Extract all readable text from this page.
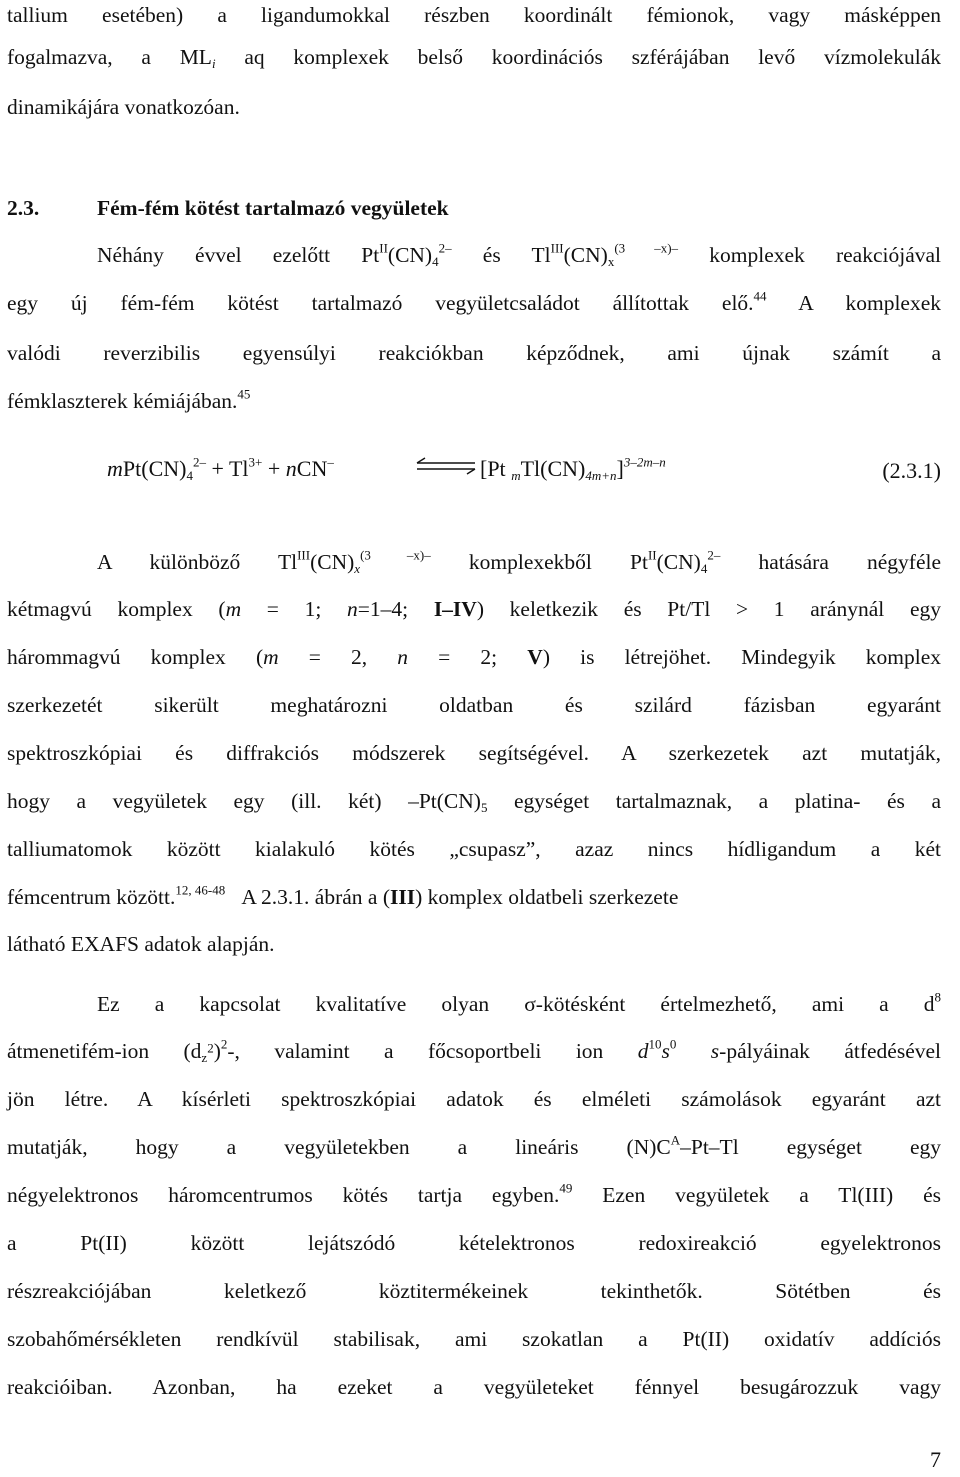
tallium esetében) a ligandumokkal részben koordinált fémionok, vagy másképpen
fogalmazva, a $ML_i$ aq komplexek belső koordinációs szférájában levő vízmolekulák
dinamikájára vonatkozóan.
2.3.	Fém-fém kötést tartalmazó vegyületek
Néhány évvel ezelőtt $Pt^{II}(CN)_4^{2-}$ és $Tl^{III}(CN)_x^{(3 -x)-}$ komplexek reakciójával
egy új fém-fém kötést tartalmazó vegyületcsaládot állítottak elő.$^{44}$ A komplexek
valódi reverzibilis egyensúlyi reakciókban képződnek, ami újnak számít a
fémklaszterek kémiájában.$^{45}$
$mPt(CN)_4^{2-} + Tl^{3+} + nCN^-$	⇌ [Pt $_mTl(CN)_{4m+n}]^{3-2m-n}$	(2.3.1)
A különböző $Tl^{III}(CN)_x^{(3 -x)-}$ komplexekből $Pt^{II}(CN)_4^{2-}$ hatására négyféle
kétmagvú komplex (m = 1; n=1–4; I–IV) keletkezik és Pt/Tl > 1 aránynál egy
hárommagvú komplex (m = 2, n = 2; V) is létrejöhet. Mindegyik komplex
szerkezetét sikerült meghatározni oldatban és szilárd fázisban egyaránt
spektroszkópiai és diffrakciós módszerek segítségével. A szerkezetek azt mutatják,
hogy a vegyületek egy (ill. két) $-Pt(CN)_5$ egységet tartalmaznak, a platina- és a
talliumatomok között kialakuló kötés „csupasz”, azaz nincs hídligandum a két
fémcentrum között.$^{12, 46-48}$ A 2.3.1. ábrán a (III) komplex oldatbeli szerkezete
látható EXAFS adatok alapján.
Ez a kapcsolat kvalitatíve olyan σ-kötésként értelmezhető, ami a $d^8$
átmenetifém-ion $(d_{z^2})^2-$, valamint a főcsoportbeli ion $d^{10}s^0$ s-pályáinak átfedésével
jön létre. A kísérleti spektroszkópiai adatok és elméleti számolások egyaránt azt
mutatják, hogy a vegyületekben a lineáris $(N)C^A-Pt-Tl$ egységet egy
négyelektronos háromcentrumos kötés tartja egyben.$^{49}$ Ezen vegyületek a Tl(III) és
a Pt(II) között lejátszódó kételektronos redoxireakció egyelektronos
részreakciójában keletkező köztitermékeinek tekinthetők. Sötétben és
szobahőmérsékleten rendkívül stabilisak, ami szokatlan a Pt(II) oxidatív addíciós
reakcióiban. Azonban, ha ezeket a vegyületeket fénnyel besugározzuk vagy
7
